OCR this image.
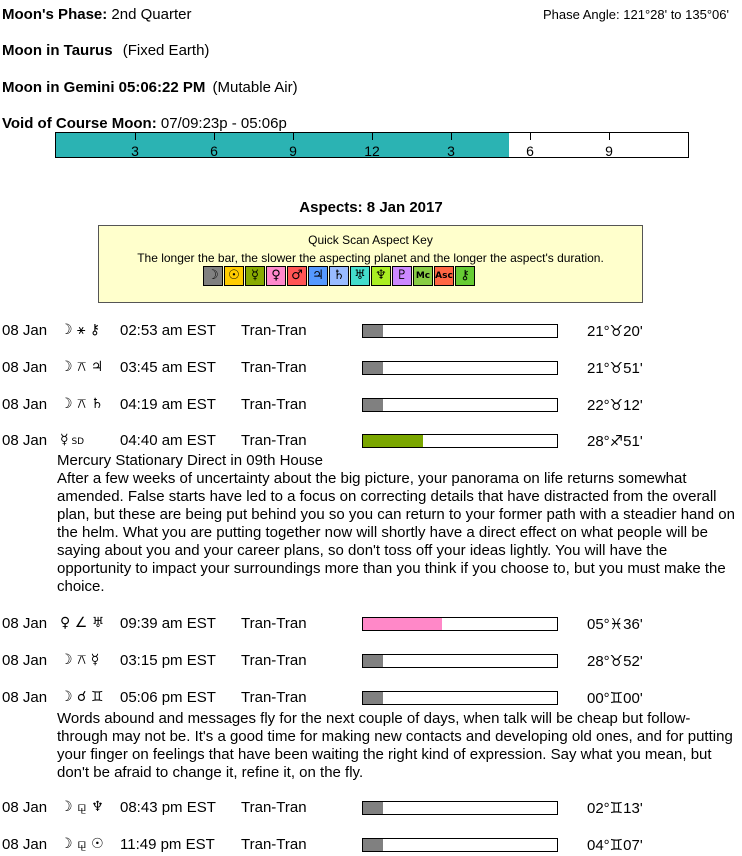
Moon's Phase: 2nd Quarter	Phase Angle: 121°28' to 135°06'
Moon in Taurus (Fixed Earth)
Moon in Gemini 05:06:22 PM (Mutable Air)
Void of Course Moon: 07/09:23p - 05:06p
3	6	9	12	3	6	9
Aspects: 8 Jan 2017
Quick Scan Aspect Key
The longer the bar, the slower the aspecting planet and the longer the aspect's duration.
☽ ☉ ☿ ♀ ♂ ♃ ♄ ♅ ♆ ♇ Mc Asc ⚷
08 Jan ☽ ⚹ ⚷ 02:53 am EST Tran-Tran	21°♉20'
08 Jan ☽ ⚻ ♃ 03:45 am EST Tran-Tran	21°♉51'
08 Jan ☽ ⚻ ♄ 04:19 am EST Tran-Tran	22°♉12'
08 Jan ☿ SD 04:40 am EST Tran-Tran	28°♐51'
08 Jan ♀ ∠ ♅ 09:39 am EST Tran-Tran	05°♓36'
08 Jan ☽ ⚻ ☿ 03:15 pm EST Tran-Tran	28°♉52'
08 Jan ☽ ☌ ♊ 05:06 pm EST Tran-Tran	00°♊00'
08 Jan ☽ ⚼ ♆ 08:43 pm EST Tran-Tran	02°♊13'
08 Jan ☽ ⚼ ☉ 11:49 pm EST Tran-Tran	04°♊07'
Mercury Stationary Direct in 09th House
After a few weeks of uncertainty about the big picture, your panorama on life returns somewhat amended. False starts have led to a focus on correcting details that have distracted from the overall plan, but these are being put behind you so you can return to your former path with a steadier hand on the helm. What you are putting together now will shortly have a direct effect on what people will be saying about you and your career plans, so don't toss off your ideas lightly. You will have the opportunity to impact your surroundings more than you think if you choose to, but you must make the choice.
Words abound and messages fly for the next couple of days, when talk will be cheap but follow-through may not be. It's a good time for making new contacts and developing old ones, and for putting your finger on feelings that have been waiting the right kind of expression. Say what you mean, but don't be afraid to change it, refine it, on the fly.
